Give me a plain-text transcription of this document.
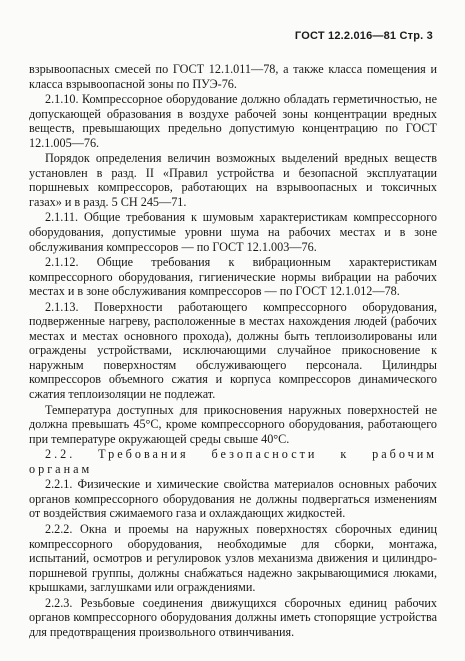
ГОСТ 12.2.016—81 Стр. 3

взрывоопасных смесей по ГОСТ 12.1.011—78, а также класса помещения и класса взрывоопасной зоны по ПУЭ-76.

2.1.10. Компрессорное оборудование должно обладать герметичностью, не допускающей образования в воздухе рабочей зоны концентрации вредных веществ, превышающих предельно допустимую концентрацию по ГОСТ 12.1.005—76.

Порядок определения величин возможных выделений вредных веществ установлен в разд. II «Правил устройства и безопасной эксплуатации поршневых компрессоров, работающих на взрывоопасных и токсичных газах» и в разд. 5 СН 245—71.

2.1.11. Общие требования к шумовым характеристикам компрессорного оборудования, допустимые уровни шума на рабочих местах и в зоне обслуживания компрессоров — по ГОСТ 12.1.003—76.

2.1.12. Общие требования к вибрационным характеристикам компрессорного оборудования, гигиенические нормы вибрации на рабочих местах и в зоне обслуживания компрессоров — по ГОСТ 12.1.012—78.

2.1.13. Поверхности работающего компрессорного оборудования, подверженные нагреву, расположенные в местах нахождения людей (рабочих местах и местах основного прохода), должны быть теплоизолированы или ограждены устройствами, исключающими случайное прикосновение к наружным поверхностям обслуживающего персонала. Цилиндры компрессоров объемного сжатия и корпуса компрессоров динамического сжатия теплоизоляции не подлежат.

Температура доступных для прикосновения наружных поверхностей не должна превышать 45°С, кроме компрессорного оборудования, работающего при температуре окружающей среды свыше 40°С.

2.2. Требования безопасности к рабочим органам

2.2.1. Физические и химические свойства материалов основных рабочих органов компрессорного оборудования не должны подвергаться изменениям от воздействия сжимаемого газа и охлаждающих жидкостей.

2.2.2. Окна и проемы на наружных поверхностях сборочных единиц компрессорного оборудования, необходимые для сборки, монтажа, испытаний, осмотров и регулировок узлов механизма движения и цилиндро-поршневой группы, должны снабжаться надежно закрывающимися люками, крышками, заглушками или ограждениями.

2.2.3. Резьбовые соединения движущихся сборочных единиц рабочих органов компрессорного оборудования должны иметь стопорящие устройства для предотвращения произвольного отвинчивания.
